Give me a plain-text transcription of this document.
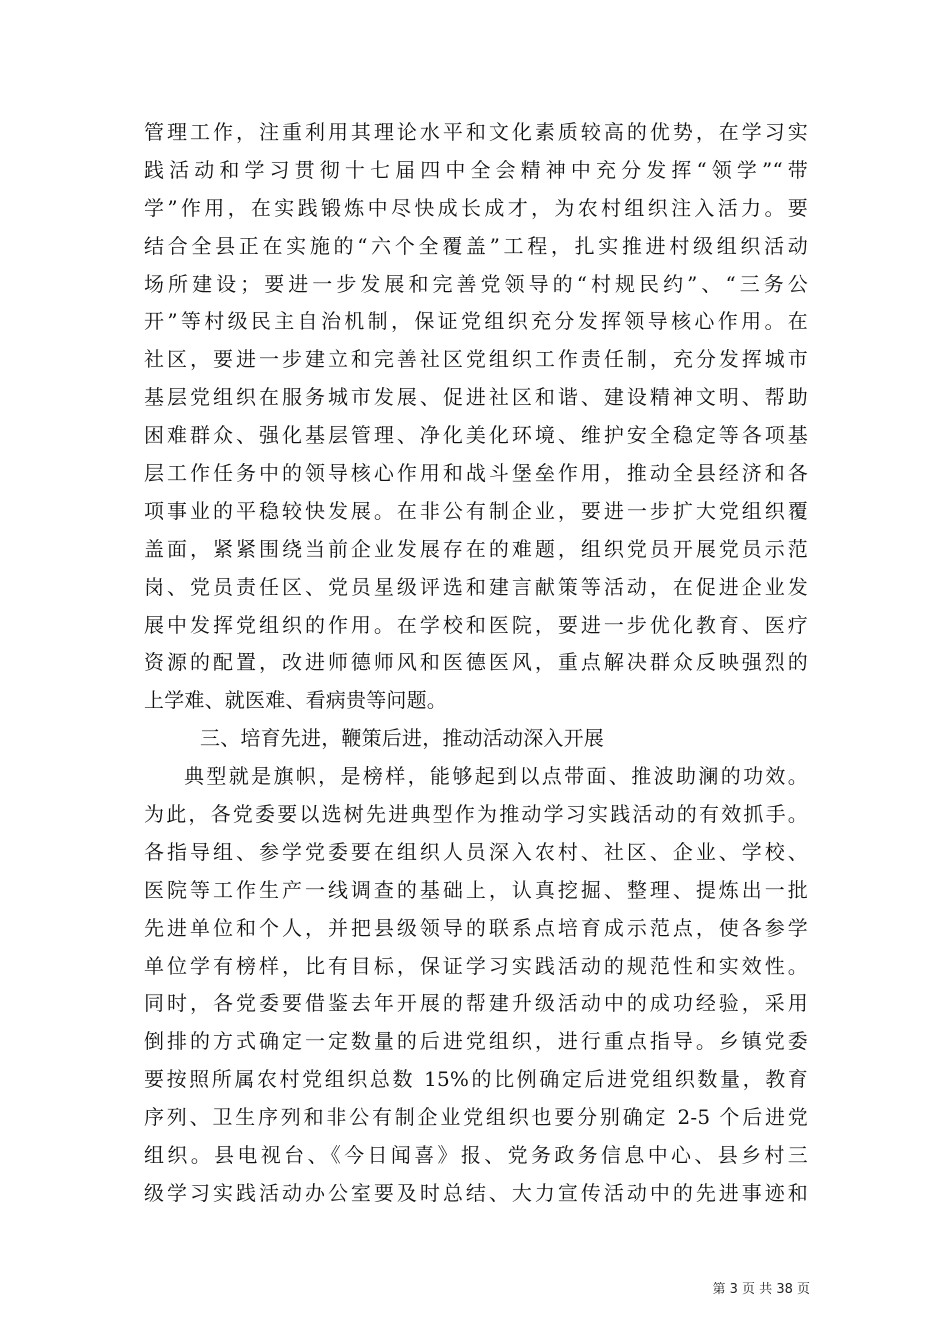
管理工作，注重利用其理论水平和文化素质较高的优势，在学习实
践活动和学习贯彻十七届四中全会精神中充分发挥“领学”“带
学”作用，在实践锻炼中尽快成长成才，为农村组织注入活力。要
结合全县正在实施的“六个全覆盖”工程，扎实推进村级组织活动
场所建设；要进一步发展和完善党领导的“村规民约”、“三务公
开”等村级民主自治机制，保证党组织充分发挥领导核心作用。在
社区，要进一步建立和完善社区党组织工作责任制，充分发挥城市
基层党组织在服务城市发展、促进社区和谐、建设精神文明、帮助
困难群众、强化基层管理、净化美化环境、维护安全稳定等各项基
层工作任务中的领导核心作用和战斗堡垒作用，推动全县经济和各
项事业的平稳较快发展。在非公有制企业，要进一步扩大党组织覆
盖面，紧紧围绕当前企业发展存在的难题，组织党员开展党员示范
岗、党员责任区、党员星级评选和建言献策等活动，在促进企业发
展中发挥党组织的作用。在学校和医院，要进一步优化教育、医疗
资源的配置，改进师德师风和医德医风，重点解决群众反映强烈的
上学难、就医难、看病贵等问题。
三、培育先进，鞭策后进，推动活动深入开展
典型就是旗帜，是榜样，能够起到以点带面、推波助澜的功效。
为此，各党委要以选树先进典型作为推动学习实践活动的有效抓手。
各指导组、参学党委要在组织人员深入农村、社区、企业、学校、
医院等工作生产一线调查的基础上，认真挖掘、整理、提炼出一批
先进单位和个人，并把县级领导的联系点培育成示范点，使各参学
单位学有榜样，比有目标，保证学习实践活动的规范性和实效性。
同时，各党委要借鉴去年开展的帮建升级活动中的成功经验，采用
倒排的方式确定一定数量的后进党组织，进行重点指导。乡镇党委
要按照所属农村党组织总数 15%的比例确定后进党组织数量，教育
序列、卫生序列和非公有制企业党组织也要分别确定 2-5 个后进党
组织。县电视台、《今日闻喜》报、党务政务信息中心、县乡村三
级学习实践活动办公室要及时总结、大力宣传活动中的先进事迹和
第 3 页 共 38 页
